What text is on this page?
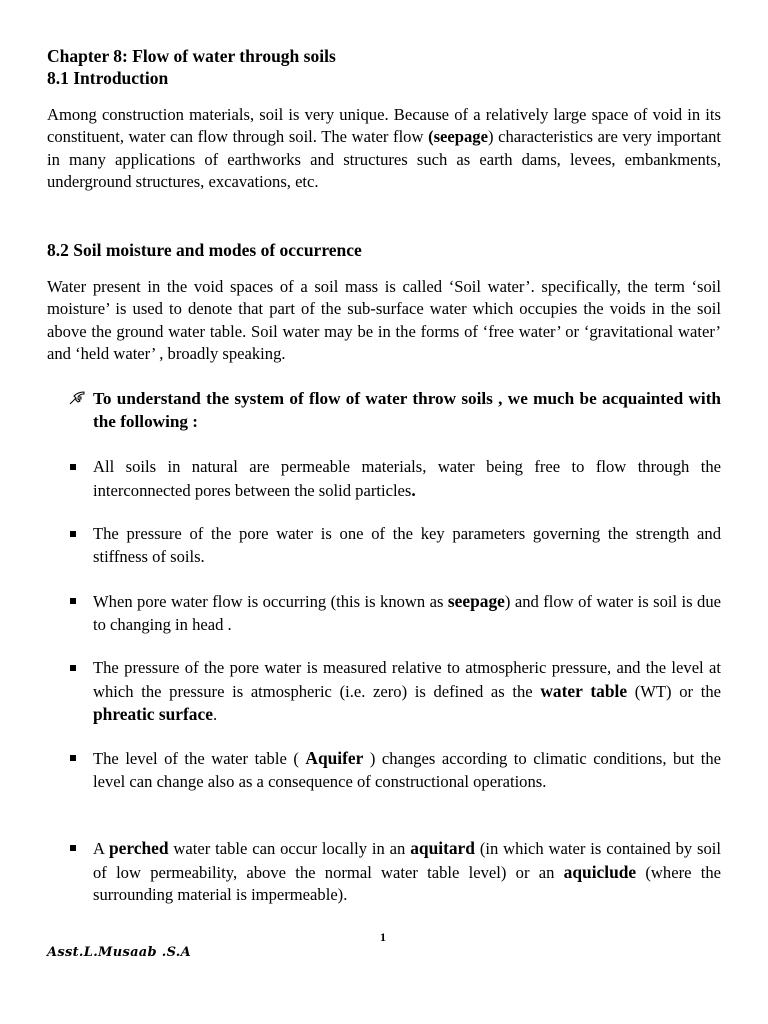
Chapter 8: Flow of water through soils
8.1 Introduction
Among construction materials, soil is very unique. Because of a relatively large space of void in its constituent, water can flow through soil. The water flow (seepage) characteristics are very important in many applications of earthworks and structures such as earth dams, levees, embankments, underground structures, excavations, etc.
8.2 Soil moisture and modes of occurrence
Water present in the void spaces of a soil mass is called ‘Soil water’. specifically, the term ‘soil moisture’ is used to denote that part of the sub-surface water which occupies the voids in the soil above the ground water table. Soil water may be in the forms of ‘free water’ or ‘gravitational water’ and ‘held water’ , broadly speaking.
To understand the system of flow of water throw soils , we much be acquainted with the following :
All soils in natural are permeable materials, water being free to flow through the interconnected pores between the solid particles.
The pressure of the pore water is one of the key parameters governing the strength and stiffness of soils.
When pore water flow is occurring (this is known as seepage) and flow of water is soil is due to changing in head .
The pressure of the pore water is measured relative to atmospheric pressure, and the level at which the pressure is atmospheric (i.e. zero) is defined as the water table (WT) or the phreatic surface.
The level of the water table ( Aquifer ) changes according to climatic conditions, but the level can change also as a consequence of constructional operations.
A perched water table can occur locally in an aquitard (in which water is contained by soil of low permeability, above the normal water table level) or an aquiclude (where the surrounding material is impermeable).
1
Asst.L.Musaab .S.A
